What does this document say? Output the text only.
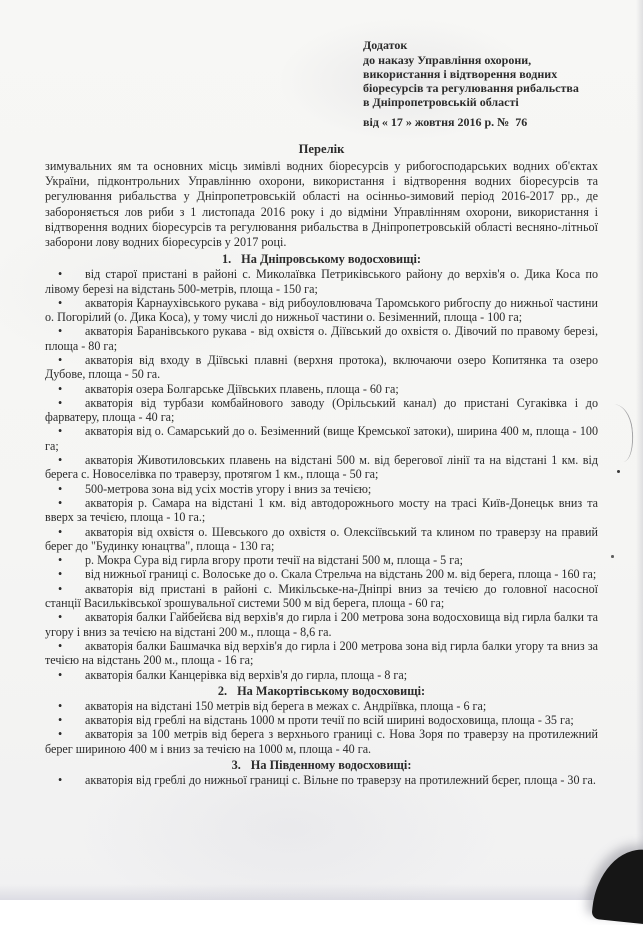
Додаток
до наказу Управління охорони, використання і відтворення водних біоресурсів та регулювання рибальства в Дніпропетровській області
від « 17 » жовтня 2016 р. №  76
Перелік
зимувальних ям та основних місць зимівлі водних біоресурсів у рибогосподарських водних об'єктах України, підконтрольних Управлінню охорони, використання і відтворення водних біоресурсів та регулювання рибальства у Дніпропетровській області на осінньо-зимовий період 2016-2017 рр., де забороняється лов риби з 1 листопада 2016 року і до відміни Управлінням охорони, використання і відтворення водних біоресурсів та регулювання рибальства в Дніпропетровській області весняно-літньої заборони лову водних біоресурсів у 2017 році.
1. На Дніпровському водосховищі:
• від старої пристані в районі с. Миколаївка Петриківського району до верхів'я о. Дика Коса по лівому березі на відстань 500-метрів, площа - 150 га;
• акваторія Карнаухівського рукава - від рибоуловлювача Таромського рибгоспу до нижньої частини о. Погорілий (о. Дика Коса), у тому числі до нижньої частини о. Безіменний, площа - 100 га;
• акваторія Баранівського рукава - від охвістя о. Діївський до охвістя о. Дівочий по правому березі, площа - 80 га;
• акваторія від входу в Діївські плавні (верхня протока), включаючи озеро Копитянка та озеро Дубове, площа - 50 га.
• акваторія озера Болгарське Діївських плавень, площа - 60 га;
• акваторія від турбази комбайнового заводу (Орільський канал) до пристані Сугаківка і до фарватеру, площа - 40 га;
• акваторія від о. Самарський до о. Безіменний (вище Кремської затоки), ширина 400 м, площа - 100 га;
• акваторія Животиловських плавень на відстані 500 м. від берегової лінії та на відстані 1 км. від берега с. Новоселівка по траверзу, протягом 1 км., площа - 50 га;
• 500-метрова зона від усіх мостів угору і вниз за течією;
• акваторія р. Самара на відстані 1 км. від автодорожнього мосту на трасі Київ-Донецьк вниз та вверх за течією, площа - 10 га.;
• акваторія від охвістя о. Шевського до охвістя о. Олексіївський та клином по траверзу на правий берег до "Будинку юнацтва", площа - 130 га;
• р. Мокра Сура від гирла вгору проти течії на відстані 500 м, площа - 5 га;
• від нижньої границі с. Волоське до о. Скала Стрельча на відстань 200 м. від берега, площа - 160 га;
• акваторія від пристані в районі с. Микільське-на-Дніпрі вниз за течією до головної насосної станції Васильківської зрошувальної системи 500 м від берега, площа - 60 га;
• акваторія балки Гайбейєва від верхів'я до гирла і 200 метрова зона водосховища від гирла балки та угору і вниз за течією на відстані 200 м., площа - 8,6 га.
• акваторія балки Башмачка від верхів'я до гирла і 200 метрова зона від гирла балки угору та вниз за течією на відстань 200 м., площа - 16 га;
• акваторія балки Канцерівка від верхів'я до гирла, площа - 8 га;
2. На Макортівському водосховищі:
• акваторія на відстані 150 метрів від берега в межах с. Андріївка, площа - 6 га;
• акваторія від греблі на відстань 1000 м проти течії по всій ширині водосховища, площа - 35 га;
• акваторія за 100 метрів від берега з верхнього границі с. Нова Зоря по траверзу на протилежний берег шириною 400 м і вниз за течією на 1000 м, площа - 40 га.
3. На Південному водосховищі:
• акваторія від греблі до нижньої границі с. Вільне по траверзу на протилежний бєрег, площа - 30 га.
